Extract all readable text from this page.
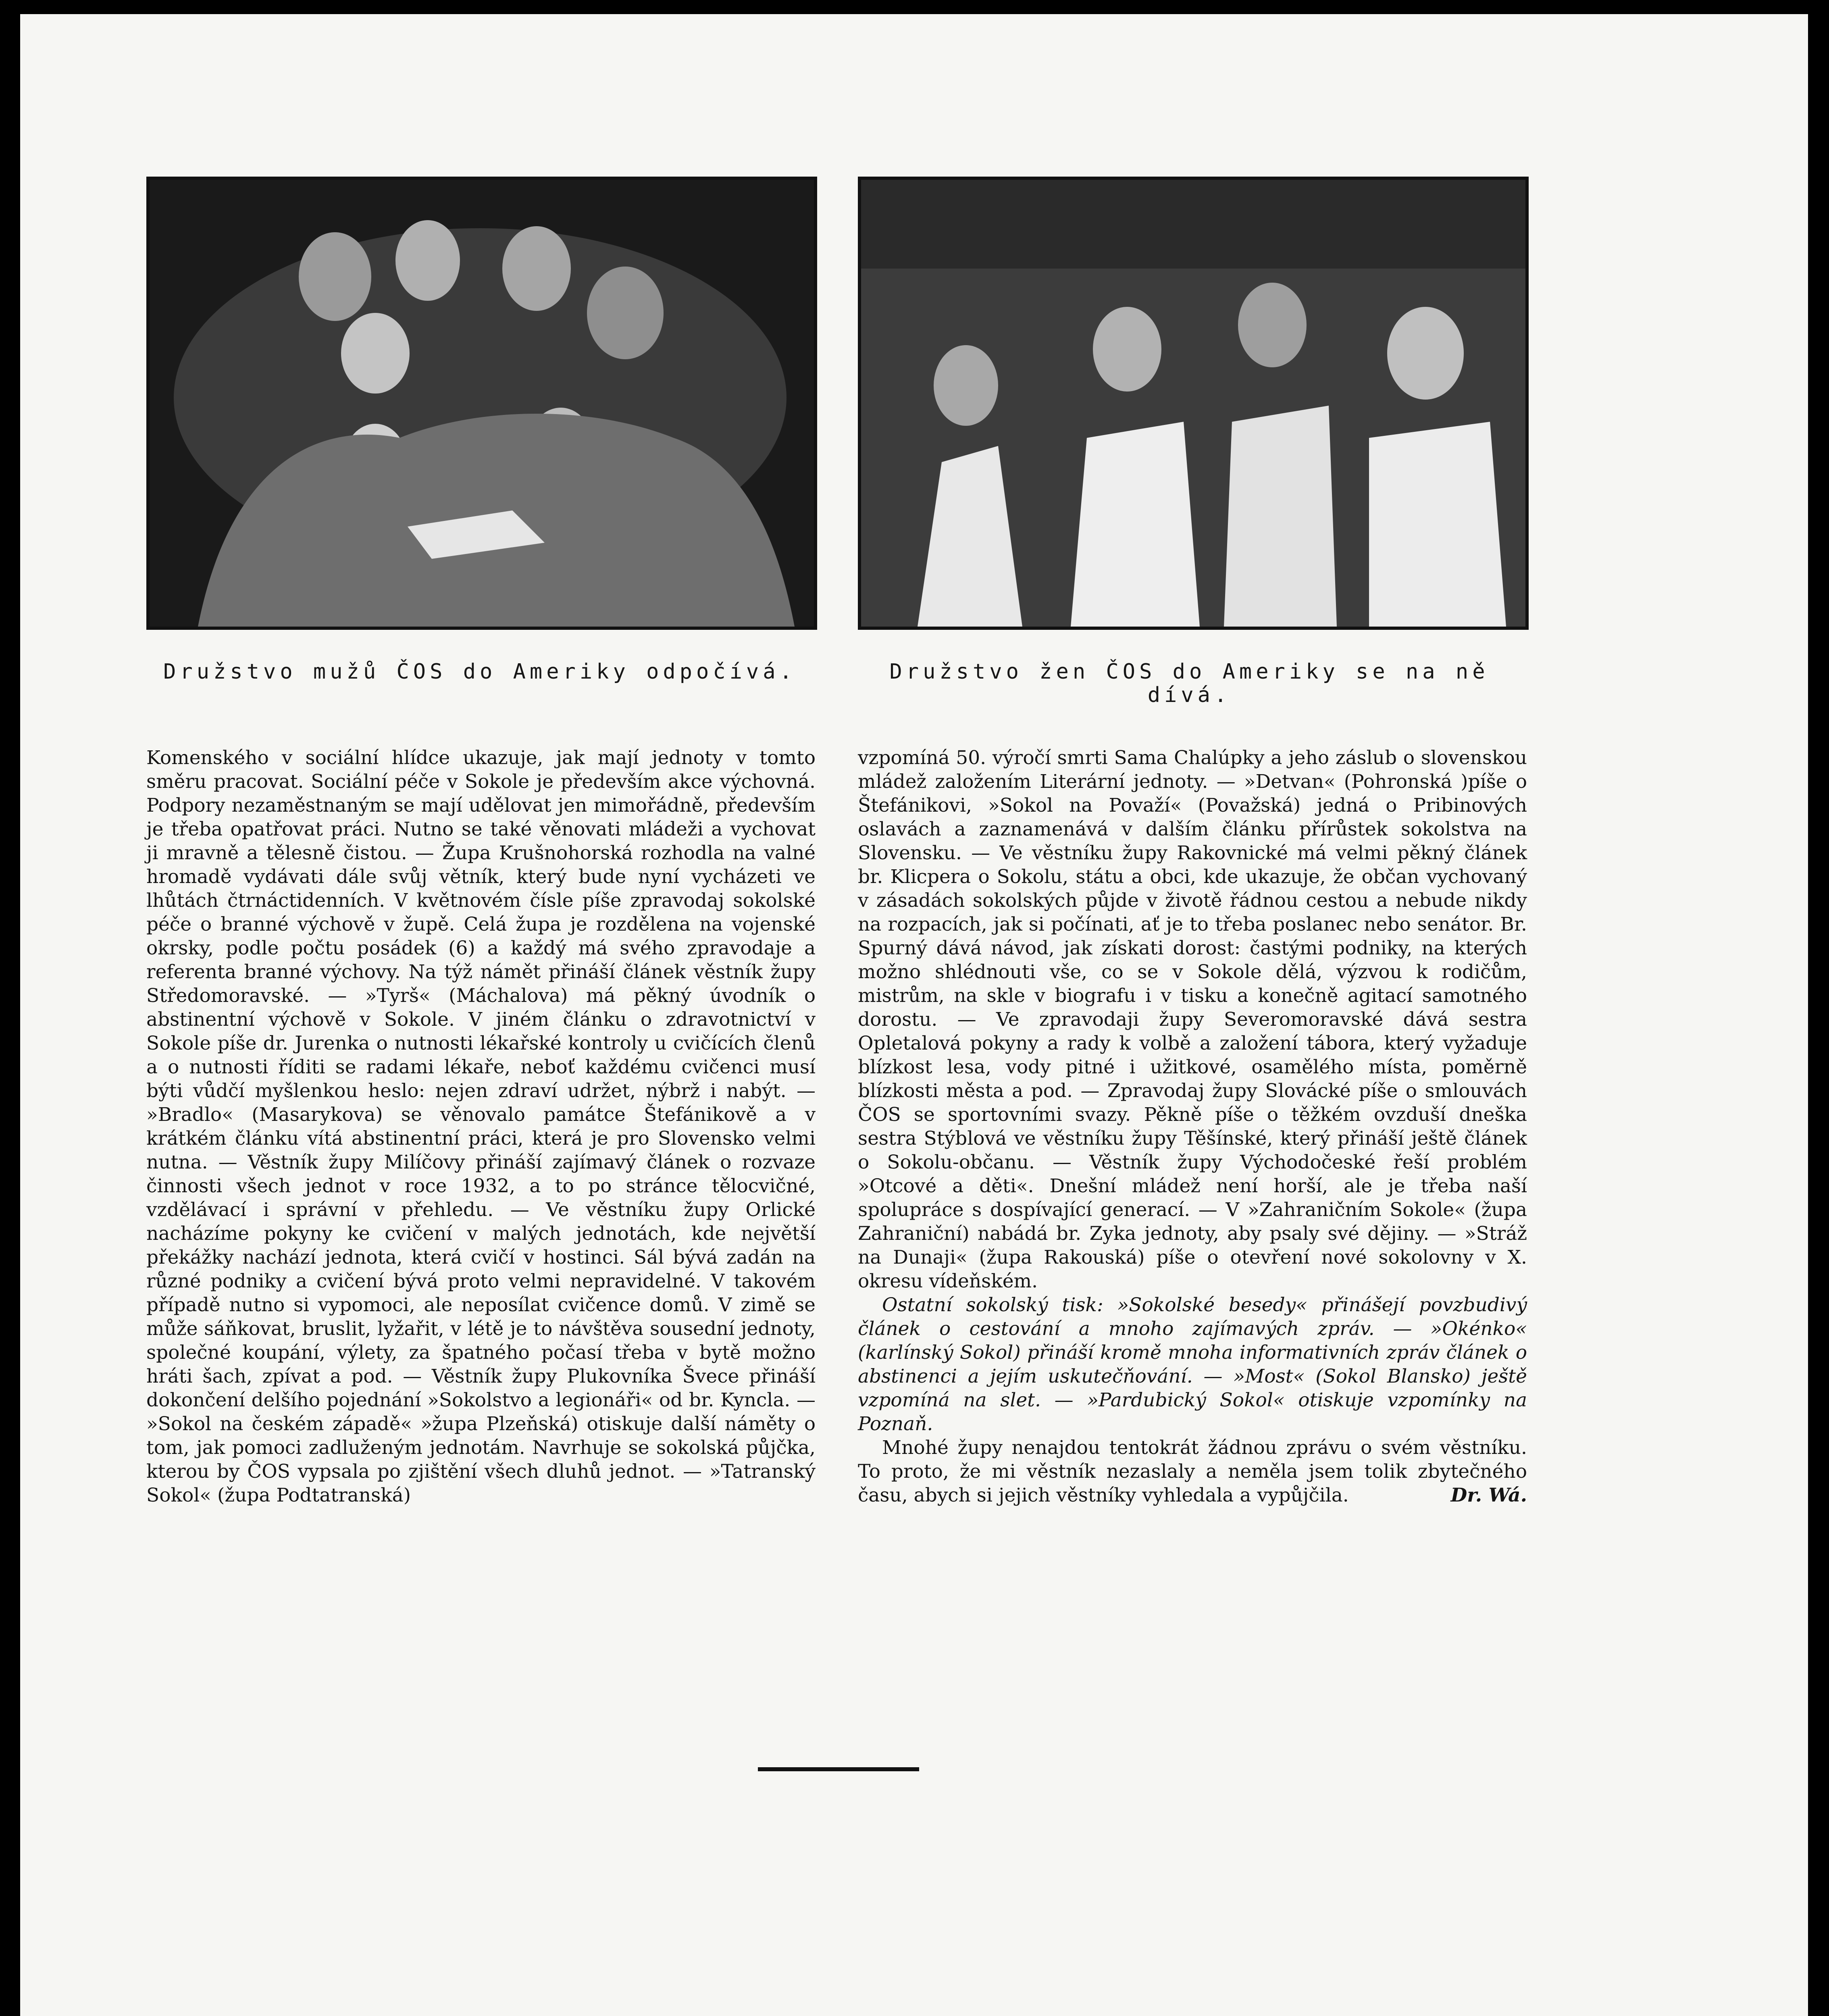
Družstvo mužů ČOS do Ameriky odpočívá.	Družstvo žen ČOS do Ameriky se na ně dívá.

Komenského v sociální hlídce ukazuje, jak mají jednoty v tomto směru pracovat. Sociální péče v Sokole je především akce výchovná. Podpory nezaměstnaným se mají udělovat jen mimořádně, především je třeba opatřovat práci. Nutno se také věnovati mládeži a vychovat ji mravně a tělesně čistou. — Župa Krušnohorská rozhodla na valné hromadě vydávati dále svůj větník, který bude nyní vycházeti ve lhůtách čtrnáctidenních. V květnovém čísle píše zpravodaj sokolské péče o branné výchově v župě. Celá župa je rozdělena na vojenské okrsky, podle počtu posádek (6) a každý má svého zpravodaje a referenta branné výchovy. Na týž námět přináší článek věstník župy Středomoravské. — »Tyrš« (Máchalova) má pěkný úvodník o abstinentní výchově v Sokole. V jiném článku o zdravotnictví v Sokole píše dr. Jurenka o nutnosti lékařské kontroly u cvičících členů a o nutnosti říditi se radami lékaře, neboť každému cvičenci musí býti vůdčí myšlenkou heslo: nejen zdraví udržet, nýbrž i nabýt. — »Bradlo« (Masarykova) se věnovalo památce Štefánikově a v krátkém článku vítá abstinentní práci, která je pro Slovensko velmi nutna. — Věstník župy Milíčovy přináší zajímavý článek o rozvaze činnosti všech jednot v roce 1932, a to po stránce tělocvičné, vzdělávací i správní v přehledu. — Ve věstníku župy Orlické nacházíme pokyny ke cvičení v malých jednotách, kde největší překážky nachází jednota, která cvičí v hostinci. Sál bývá zadán na různé podniky a cvičení bývá proto velmi nepravidelné. V takovém případě nutno si vypomoci, ale neposílat cvičence domů. V zimě se může sáňkovat, bruslit, lyžařit, v létě je to návštěva sousední jednoty, společné koupání, výlety, za špatného počasí třeba v bytě možno hráti šach, zpívat a pod. — Věstník župy Plukovníka Švece přináší dokončení delšího pojednání »Sokolstvo a legionáři« od br. Kyncla. — »Sokol na českém západě« »župa Plzeňská) otiskuje další náměty o tom, jak pomoci zadluženým jednotám. Navrhuje se sokolská půjčka, kterou by ČOS vypsala po zjištění všech dluhů jednot. — »Tatranský Sokol« (župa Podtatranská)

vzpomíná 50. výročí smrti Sama Chalúpky a jeho záslub o slovenskou mládež založením Literární jednoty. — »Detvan« (Pohronská )píše o Štefánikovi, »Sokol na Považí« (Považská) jedná o Pribinových oslavách a zaznamenává v dalším článku přírůstek sokolstva na Slovensku. — Ve věstníku župy Rakovnické má velmi pěkný článek br. Klicpera o Sokolu, státu a obci, kde ukazuje, že občan vychovaný v zásadách sokolských půjde v životě řádnou cestou a nebude nikdy na rozpacích, jak si počínati, ať je to třeba poslanec nebo senátor. Br. Spurný dává návod, jak získati dorost: častými podniky, na kterých možno shlédnouti vše, co se v Sokole dělá, výzvou k rodičům, mistrům, na skle v biografu i v tisku a konečně agitací samotného dorostu. — Ve zpravodaji župy Severomoravské dává sestra Opletalová pokyny a rady k volbě a založení tábora, který vyžaduje blízkost lesa, vody pitné i užitkové, osamělého místa, poměrně blízkosti města a pod. — Zpravodaj župy Slovácké píše o smlouvách ČOS se sportovními svazy. Pěkně píše o těžkém ovzduší dneška sestra Stýblová ve věstníku župy Těšínské, který přináší ještě článek o Sokolu-občanu. — Věstník župy Východočeské řeší problém »Otcové a děti«. Dnešní mládež není horší, ale je třeba naší spolupráce s dospívající generací. — V »Zahraničním Sokole« (župa Zahraniční) nabádá br. Zyka jednoty, aby psaly své dějiny. — »Stráž na Dunaji« (župa Rakouská) píše o otevření nové sokolovny v X. okresu vídeňském.

Ostatní sokolský tisk: »Sokolské besedy« přinášejí povzbudivý článek o cestování a mnoho zajímavých zpráv. — »Okénko« (karlínský Sokol) přináší kromě mnoha informativních zpráv článek o abstinenci a jejím uskutečňování. — »Most« (Sokol Blansko) ještě vzpomíná na slet. — »Pardubický Sokol« otiskuje vzpomínky na Poznaň.

Mnohé župy nenajdou tentokrát žádnou zprávu o svém věstníku. To proto, že mi věstník nezaslaly a neměla jsem tolik zbytečného času, abych si jejich věstníky vyhledala a vypůjčila.	Dr. Wá.
